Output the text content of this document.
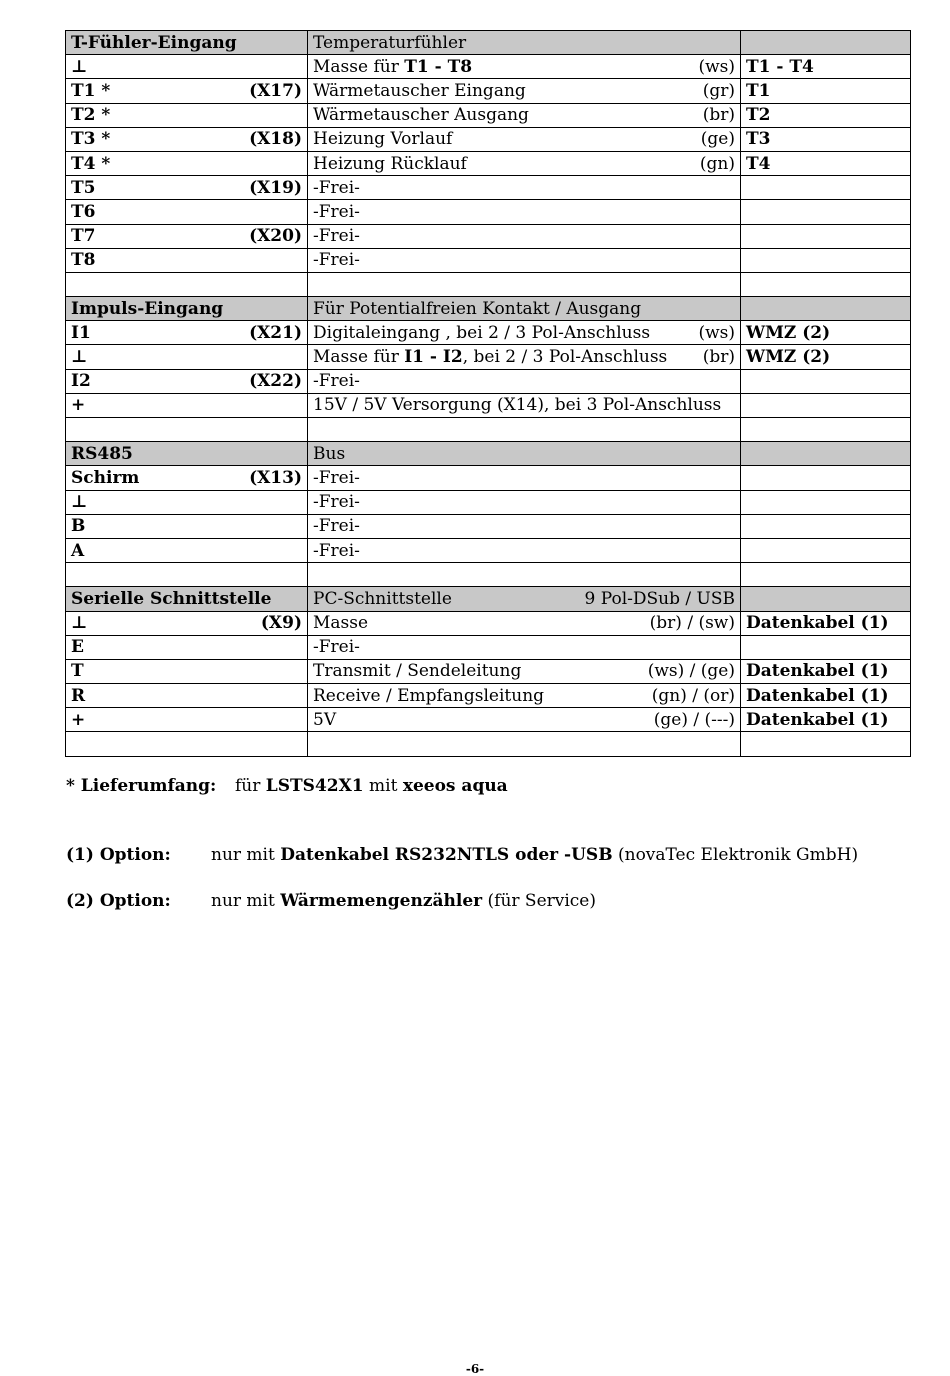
T-Fühler-Eingang	Temperaturfühler	

⊥	Masse für T1 - T8 (ws)	T1 - T4

T1 * (X17)	Wärmetauscher Eingang (gr)	T1

T2 *	Wärmetauscher Ausgang (br)	T2

T3 * (X18)	Heizung Vorlauf (ge)	T3

T4 *	Heizung Rücklauf (gn)	T4

T5 (X19)	-Frei-	

T6	-Frei-	

T7 (X20)	-Frei-	

T8	-Frei-	

Impuls-Eingang	Für Potentialfreien Kontakt / Ausgang	

I1 (X21)	Digitaleingang , bei 2 / 3 Pol-Anschluss (ws)	WMZ (2)

⊥	Masse für I1 - I2, bei 2 / 3 Pol-Anschluss (br)	WMZ (2)

I2 (X22)	-Frei-	

+	15V / 5V Versorgung (X14), bei 3 Pol-Anschluss	

RS485	Bus	

Schirm (X13)	-Frei-	

⊥	-Frei-	

B	-Frei-	

A	-Frei-	

Serielle Schnittstelle	PC-Schnittstelle 9 Pol-DSub / USB	

⊥ (X9)	Masse (br) / (sw)	Datenkabel (1)

E	-Frei-	

T	Transmit / Sendeleitung (ws) / (ge)	Datenkabel (1)

R	Receive / Empfangsleitung (gn) / (or)	Datenkabel (1)

+	5V (ge) / (---)	Datenkabel (1)

* Lieferumfang: für LSTS42X1 mit xeeos aqua
(1) Option: nur mit Datenkabel RS232NTLS oder -USB (novaTec Elektronik GmbH)
(2) Option: nur mit Wärmemengenzähler (für Service)
-6-
